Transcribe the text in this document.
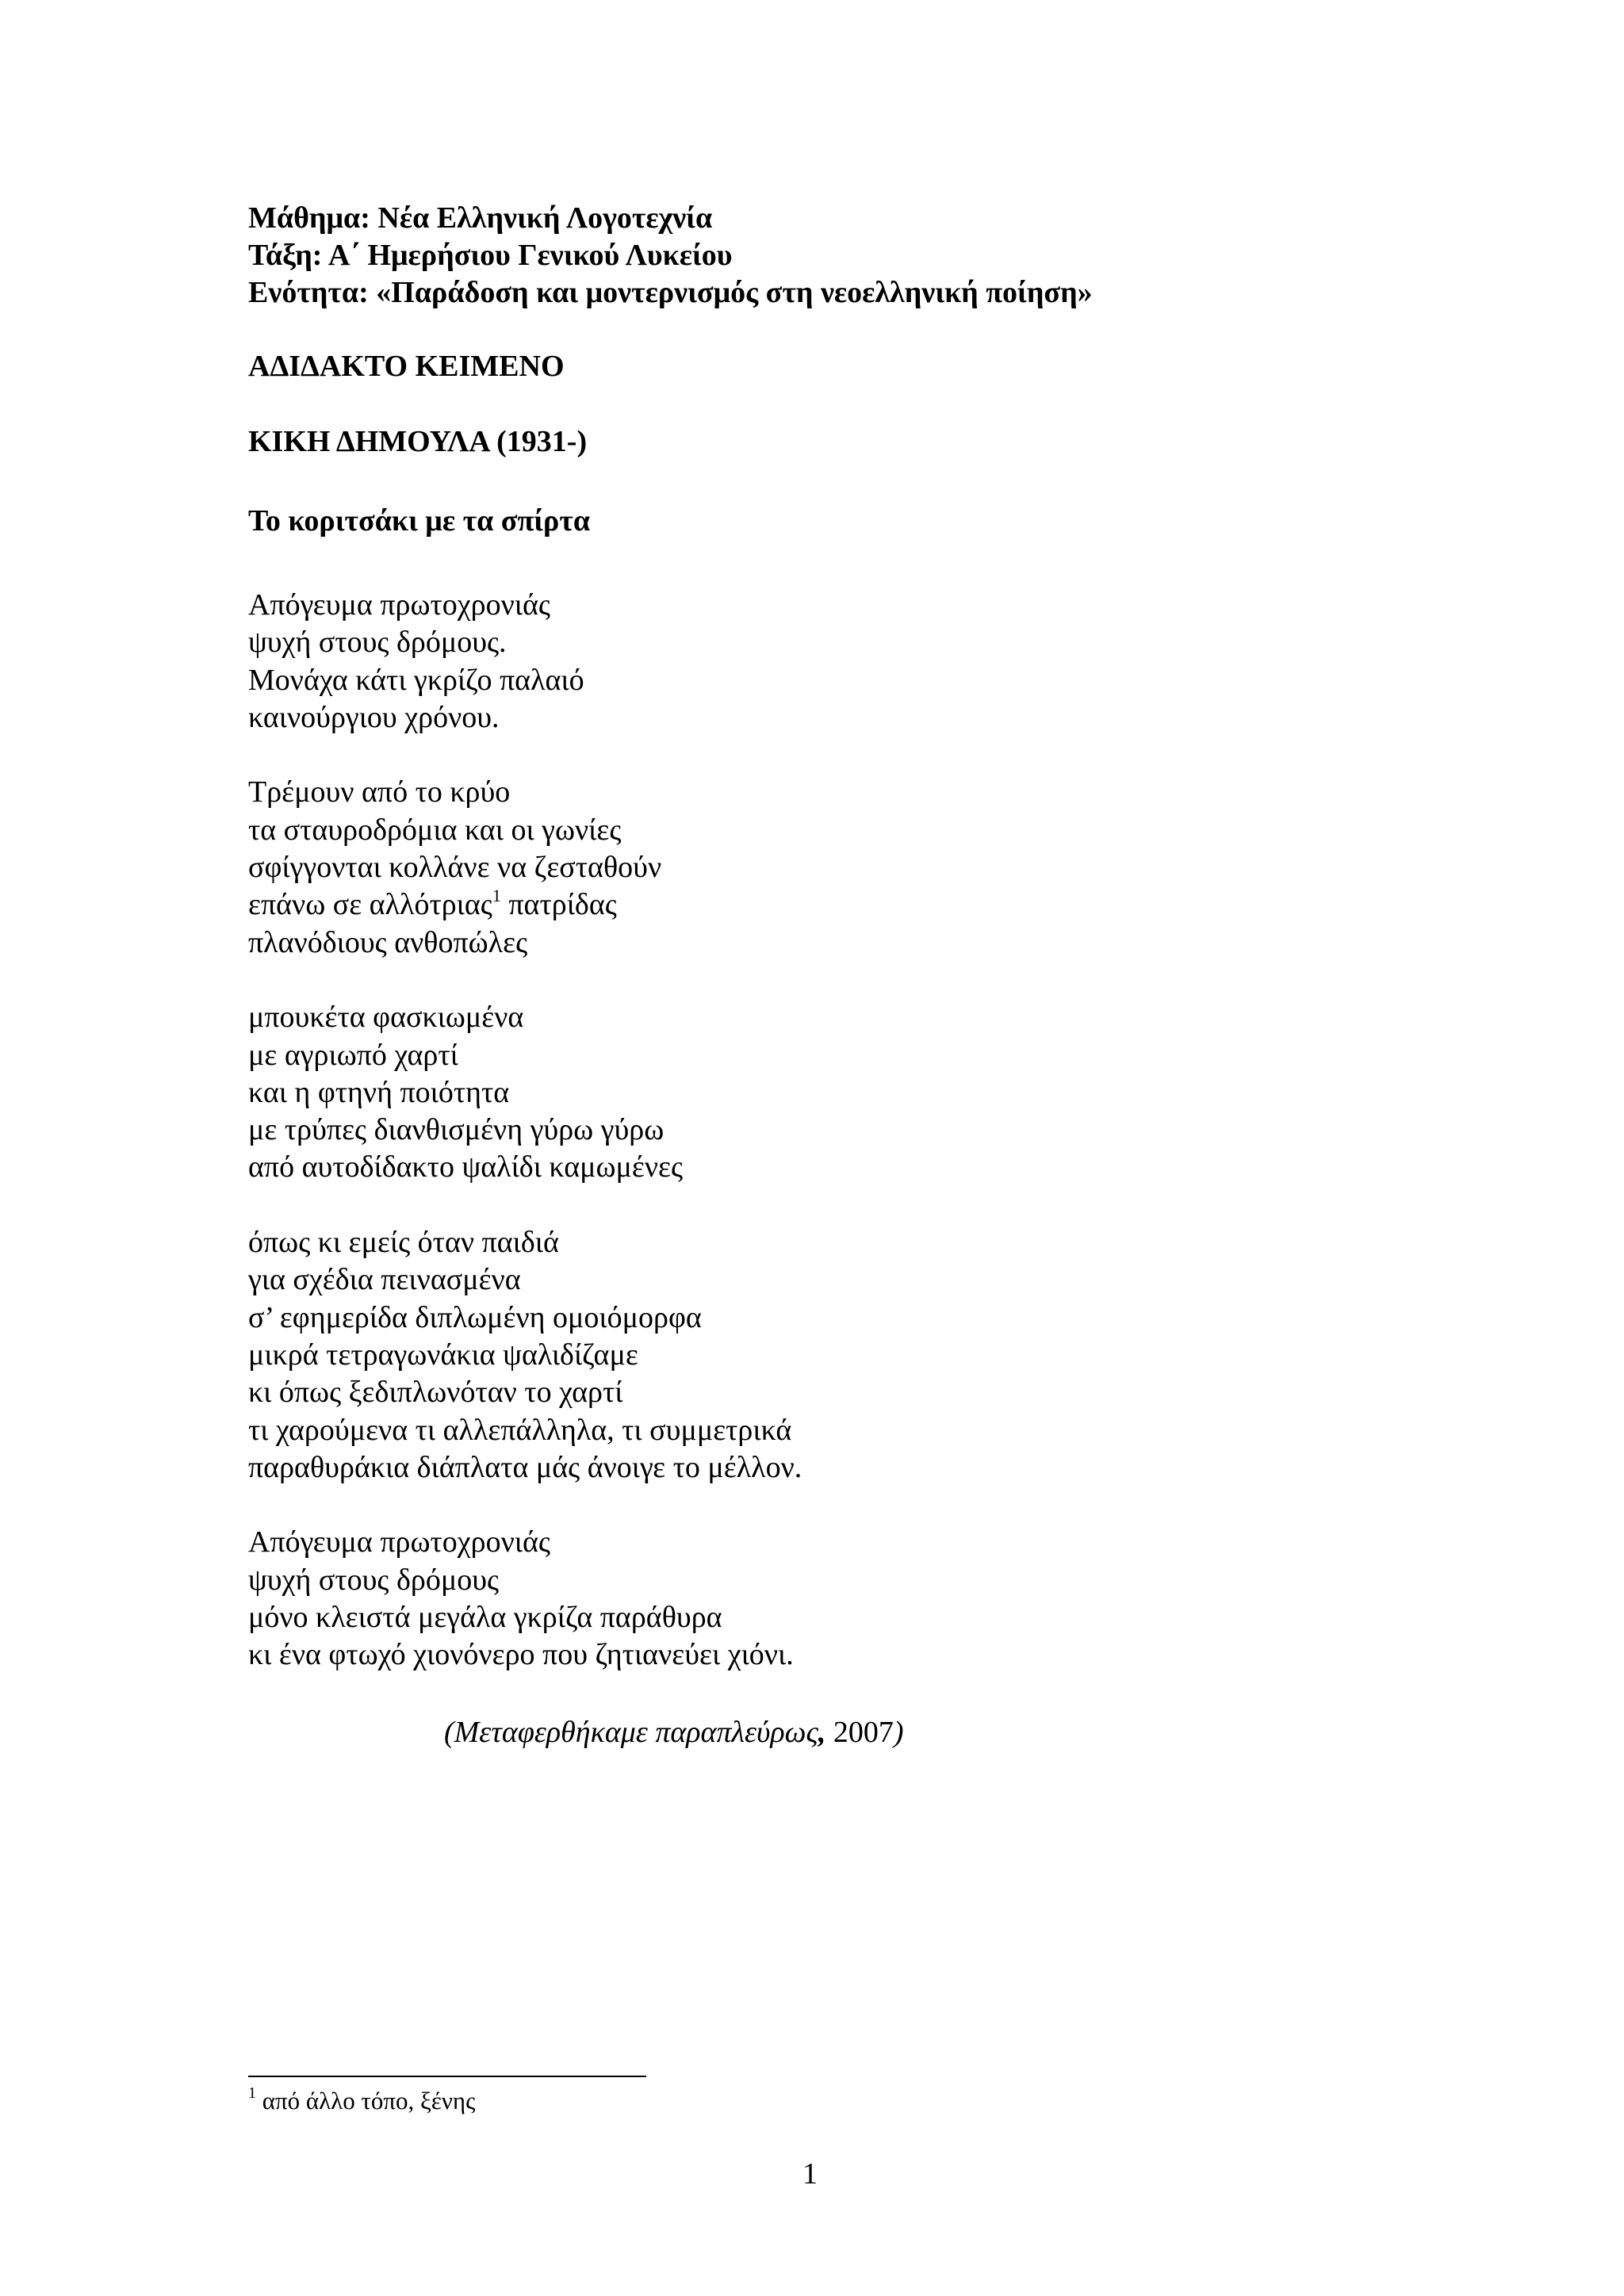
Μάθημα: Νέα Ελληνική Λογοτεχνία
Τάξη: Α΄ Ημερήσιου Γενικού Λυκείου
Ενότητα: «Παράδοση και μοντερνισμός στη νεοελληνική ποίηση»
ΑΔΙΔΑΚΤΟ ΚΕΙΜΕΝΟ
ΚΙΚΗ ΔΗΜΟΥΛΑ (1931-)
Το κοριτσάκι με τα σπίρτα
Απόγευμα πρωτοχρονιάς
ψυχή στους δρόμους.
Μονάχα κάτι γκρίζο παλαιό
καινούργιου χρόνου.
Τρέμουν από το κρύο
τα σταυροδρόμια και οι γωνίες
σφίγγονται κολλάνε να ζεσταθούν
επάνω σε αλλότριας$^1$ πατρίδας
πλανόδιους ανθοπώλες
μπουκέτα φασκιωμένα
με αγριωπό χαρτί
και η φτηνή ποιότητα
με τρύπες διανθισμένη γύρω γύρω
από αυτοδίδακτο ψαλίδι καμωμένες
όπως κι εμείς όταν παιδιά
για σχέδια πεινασμένα
σ’ εφημερίδα διπλωμένη ομοιόμορφα
μικρά τετραγωνάκια ψαλιδίζαμε
κι όπως ξεδιπλωνόταν το χαρτί
τι χαρούμενα τι αλλεπάλληλα, τι συμμετρικά
παραθυράκια διάπλατα μάς άνοιγε το μέλλον.
Απόγευμα πρωτοχρονιάς
ψυχή στους δρόμους
μόνο κλειστά μεγάλα γκρίζα παράθυρα
κι ένα φτωχό χιονόνερο που ζητιανεύει χιόνι.
(Μεταφερθήκαμε παραπλεύρως, 2007)
$^1$ από άλλο τόπο, ξένης
1
